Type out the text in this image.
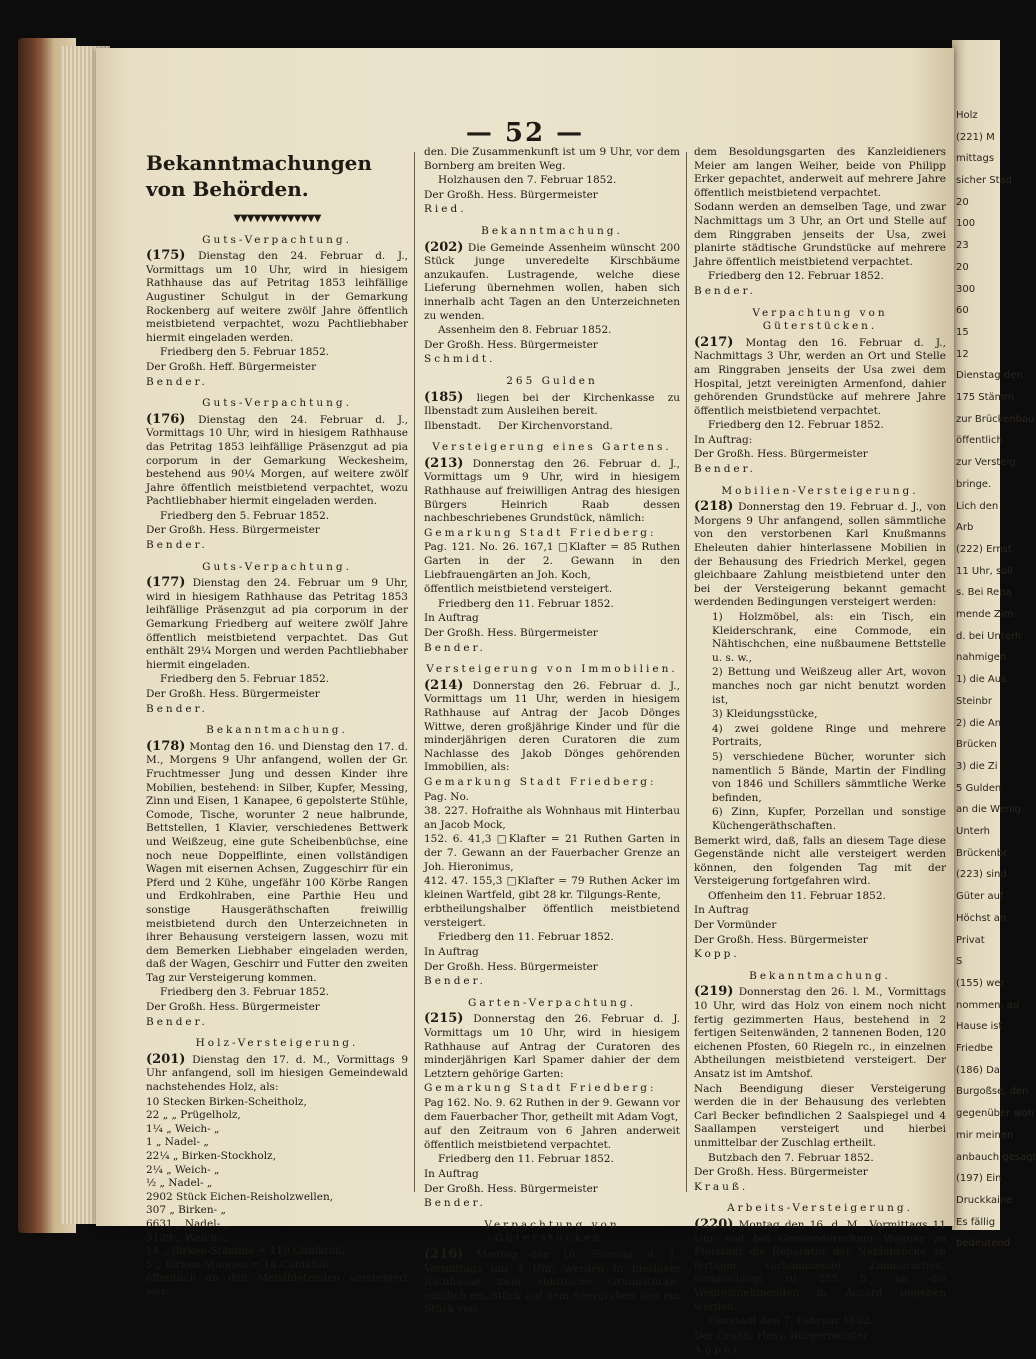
Holz
(221) M
mittags
sicher Stad
20
100
23
20
300
60
15
12
Dienstag den
175 Stämm
zur Brückenbau
öffentlich
zur Versteig
bringe.
Lich den
Arb
(222) Ernst
11 Uhr, soll
s. Bei Repa
mende Zim
d. bei Unterh
nahmigen
1) die Aus
Steinbr
2) die An
Brücken
3) die Zi
5 Gulden
an die Wenig
Unterh
Brückenbr
(223) sind
Güter auf
Höchst an
Privat
S
(155) wer
nommen, au
Hause ist
Friedbe
(186) Da
Burgoßse, den
gegenüber woh
mir meinen
anbauch gesagt
(197) Ein
Druckkaine
Es fällig
bedeutend
— 52 —
Bekanntmachungen von Behörden.
▼▼▼▼▼▼▼▼▼▼▼▼▼
Guts-Verpachtung.

(175) Dienstag den 24. Februar d. J., Vormittags um 10 Uhr, wird in hiesigem Rathhause das auf Petritag 1853 leihfällige Augustiner Schulgut in der Gemarkung Rockenberg auf weitere zwölf Jahre öffentlich meistbietend verpachtet, wozu Pachtliebhaber hiermit eingeladen werden.

Friedberg den 5. Februar 1852.

Der Großh. Heff. Bürgermeister

Bender.

Guts-Verpachtung.

(176) Dienstag den 24. Februar d. J., Vormittags 10 Uhr, wird in hiesigem Rathhause das Petritag 1853 leihfällige Präsenzgut ad pia corporum in der Gemarkung Weckesheim, bestehend aus 90¼ Morgen, auf weitere zwölf Jahre öffentlich meistbietend verpachtet, wozu Pachtliebhaber hiermit eingeladen werden.

Friedberg den 5. Februar 1852.

Der Großh. Hess. Bürgermeister

Bender.

Guts-Verpachtung.

(177) Dienstag den 24. Februar um 9 Uhr, wird in hiesigem Rathhause das Petritag 1853 leihfällige Präsenzgut ad pia corporum in der Gemarkung Friedberg auf weitere zwölf Jahre öffentlich meistbietend verpachtet. Das Gut enthält 29¼ Morgen und werden Pachtliebhaber hiermit eingeladen.

Friedberg den 5. Februar 1852.

Der Großh. Hess. Bürgermeister

Bender.

Bekanntmachung.

(178) Montag den 16. und Dienstag den 17. d. M., Morgens 9 Uhr anfangend, wollen der Gr. Fruchtmesser Jung und dessen Kinder ihre Mobilien, bestehend: in Silber, Kupfer, Messing, Zinn und Eisen, 1 Kanapee, 6 gepolsterte Stühle, Comode, Tische, worunter 2 neue halbrunde, Bettstellen, 1 Klavier, verschiedenes Bettwerk und Weißzeug, eine gute Scheibenbüchse, eine noch neue Doppelflinte, einen vollständigen Wagen mit eisernen Achsen, Zuggeschirr für ein Pferd und 2 Kühe, ungefähr 100 Körbe Rangen und Erdkohlraben, eine Parthie Heu und sonstige Hausgeräthschaften freiwillig meistbietend durch den Unterzeichneten in ihrer Behausung versteigern lassen, wozu mit dem Bemerken Liebhaber eingeladen werden, daß der Wagen, Geschirr und Futter den zweiten Tag zur Versteigerung kommen.

Friedberg den 3. Februar 1852.

Der Großh. Hess. Bürgermeister

Bender.

Holz-Versteigerung.

(201) Dienstag den 17. d. M., Vormittags 9 Uhr anfangend, soll im hiesigen Gemeindewald nachstehendes Holz, als:

10 Stecken Birken-Scheitholz,
22 „ „ Prügelholz,
1¼ „ Weich- „
1 „ Nadel- „
22¼ „ Birken-Stockholz,
2¼ „ Weich- „
½ „ Nadel- „
2902 Stück Eichen-Reisholzwellen,
307 „ Birken- „
6631 „ Nadel- „
3139 „ Weich- „
14 „ Birken-Stämme = 119 Cubikfuß,
5 „ Birken-Stangen = 14 Cubikfuß,

öffentlich an den Meistbietenden versteigert wer-

den. Die Zusammenkunft ist um 9 Uhr, vor dem Bornberg am breiten Weg.

Holzhausen den 7. Februar 1852.

Der Großh. Hess. Bürgermeister

Ried.

Bekanntmachung.

(202) Die Gemeinde Assenheim wünscht 200 Stück junge unveredelte Kirschbäume anzukaufen. Lustragende, welche diese Lieferung übernehmen wollen, haben sich innerhalb acht Tagen an den Unterzeichneten zu wenden.

Assenheim den 8. Februar 1852.

Der Großh. Hess. Bürgermeister

Schmidt.

265 Gulden

(185) liegen bei der Kirchenkasse zu Ilbenstadt zum Ausleihen bereit.

Ilbenstadt.     Der Kirchenvorstand.

Versteigerung eines Gartens.

(213) Donnerstag den 26. Februar d. J., Vormittags um 9 Uhr, wird in hiesigem Rathhause auf freiwilligen Antrag des hiesigen Bürgers Heinrich Raab dessen nachbeschriebenes Grundstück, nämlich:

Gemarkung Stadt Friedberg:

Pag. 121. No. 26. 167,1 □Klafter = 85 Ruthen Garten in der 2. Gewann in den Liebfrauengärten an Joh. Koch,

öffentlich meistbietend versteigert.

Friedberg den 11. Februar 1852.

In Auftrag

Der Großh. Hess. Bürgermeister

Bender.

Versteigerung von Immobilien.

(214) Donnerstag den 26. Februar d. J., Vormittags um 11 Uhr, werden in hiesigem Rathhause auf Antrag der Jacob Dönges Wittwe, deren großjährige Kinder und für die minderjährigen deren Curatoren die zum Nachlasse des Jakob Dönges gehörenden Immobilien, als:

Gemarkung Stadt Friedberg:

Pag. No.

38. 227. Hofraithe als Wohnhaus mit Hinterbau an Jacob Mock,

152. 6. 41,3 □Klafter = 21 Ruthen Garten in der 7. Gewann an der Fauerbacher Grenze an Joh. Hieronimus,

412. 47. 155,3 □Klafter = 79 Ruthen Acker im kleinen Wartfeld, gibt 28 kr. Tilgungs-Rente,

erbtheilungshalber öffentlich meistbietend versteigert.

Friedberg den 11. Februar 1852.

In Auftrag

Der Großh. Hess. Bürgermeister

Bender.

Garten-Verpachtung.

(215) Donnerstag den 26. Februar d. J. Vormittags um 10 Uhr, wird in hiesigem Rathhause auf Antrag der Curatoren des minderjährigen Karl Spamer dahier der dem Letztern gehörige Garten:

Gemarkung Stadt Friedberg:

Pag 162. No. 9. 62 Ruthen in der 9. Gewann vor dem Fauerbacher Thor, getheilt mit Adam Vogt,

auf den Zeitraum von 6 Jahren anderweit öffentlich meistbietend verpachtet.

Friedberg den 11. Februar 1852.

In Auftrag

Der Großh. Hess. Bürgermeister

Bender.

Verpachtung von Güterstücken.

(216) Montag den 16. Februar d. J., Vormittags um 9 Uhr, werden in hiesigem Rathhause zwei städtische Grundstücke, nämlich ein Stück auf dem Seergraben und ein Stück von

dem Besoldungsgarten des Kanzleidieners Meier am langen Weiher, beide von Philipp Erker gepachtet, anderweit auf mehrere Jahre öffentlich meistbietend verpachtet.

Sodann werden an demselben Tage, und zwar Nachmittags um 3 Uhr, an Ort und Stelle auf dem Ringgraben jenseits der Usa, zwei planirte städtische Grundstücke auf mehrere Jahre öffentlich meistbietend verpachtet.

Friedberg den 12. Februar 1852.

Bender.

Verpachtung von Güterstücken.

(217) Montag den 16. Februar d. J., Nachmittags 3 Uhr, werden an Ort und Stelle am Ringgraben jenseits der Usa zwei dem Hospital, jetzt vereinigten Armenfond, dahier gehörenden Grundstücke auf mehrere Jahre öffentlich meistbietend verpachtet.

Friedberg den 12. Februar 1852.

In Auftrag:

Der Großh. Hess. Bürgermeister

Bender.

Mobilien-Versteigerung.

(218) Donnerstag den 19. Februar d. J., von Morgens 9 Uhr anfangend, sollen sämmtliche von den verstorbenen Karl Knußmanns Eheleuten dahier hinterlassene Mobilien in der Behausung des Friedrich Merkel, gegen gleichbaare Zahlung meistbietend unter den bei der Versteigerung bekannt gemacht werdenden Bedingungen versteigert werden:

1) Holzmöbel, als: ein Tisch, ein Kleiderschrank, eine Commode, ein Nähtischchen, eine nußbaumene Bettstelle u. s. w.,

2) Bettung und Weißzeug aller Art, wovon manches noch gar nicht benutzt worden ist,

3) Kleidungsstücke,

4) zwei goldene Ringe und mehrere Portraits,

5) verschiedene Bücher, worunter sich namentlich 5 Bände, Martin der Findling von 1846 und Schillers sämmtliche Werke befinden,

6) Zinn, Kupfer, Porzellan und sonstige Küchengeräthschaften.

Bemerkt wird, daß, falls an diesem Tage diese Gegenstände nicht alle versteigert werden können, den folgenden Tag mit der Versteigerung fortgefahren wird.

Offenheim den 11. Februar 1852.

In Auftrag

Der Vormünder

Der Großh. Hess. Bürgermeister

Kopp.

Bekanntmachung.

(219) Donnerstag den 26. l. M., Vormittags 10 Uhr, wird das Holz von einem noch nicht fertig gezimmerten Haus, bestehend in 2 fertigen Seitenwänden, 2 tannenen Boden, 120 eichenen Pfosten, 60 Riegeln rc., in einzelnen Abtheilungen meistbietend versteigert. Der Ansatz ist im Amtshof.

Nach Beendigung dieser Versteigerung werden die in der Behausung des verlebten Carl Becker befindlichen 2 Saalspiegel und 4 Saallampen versteigert und hierbei unmittelbar der Zuschlag ertheilt.

Butzbach den 7. Februar 1852.

Der Großh. Hess. Bürgermeister

Krauß.

Arbeits-Versteigerung.

(220) Montag den 16. d. M., Vormittags 11 Uhr, soll bei Gemeinderechner Wagner zu Florstadt die Reparatur der Niddabrücke an fertigen vorkommende Zimmerarbeit, veranschlagt zu 255 fl., an die Wenigstnehmenden in Accord gegeben werden.

Florstadt den 7. Februar 1852.

Der Großh. Hess. Bürgermeister

Appel.
